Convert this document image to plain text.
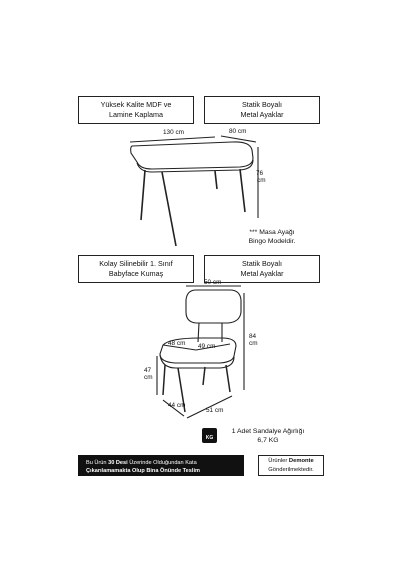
Yüksek Kalite MDF ve
Lamine Kaplama
Statik Boyalı
Metal Ayaklar
130 cm	80 cm
76
cm
*** Masa Ayağı
Bingo Modeldir.
Kolay Silinebilir 1. Sınıf
Babyface Kumaş
Statik Boyalı
Metal Ayaklar
50 cm
84
cm
48 cm 49 cm
47
cm
44 cm
51 cm
KG
1 Adet Sandalye Ağırlığı
6,7 KG
Bu Ürün 30 Desi Üzerinde Olduğundan Kata
Çıkarılamamakta Olup Bina Önünde Teslim Edilmektedir.
Ürünler Demonte
Gönderilmektedir.
